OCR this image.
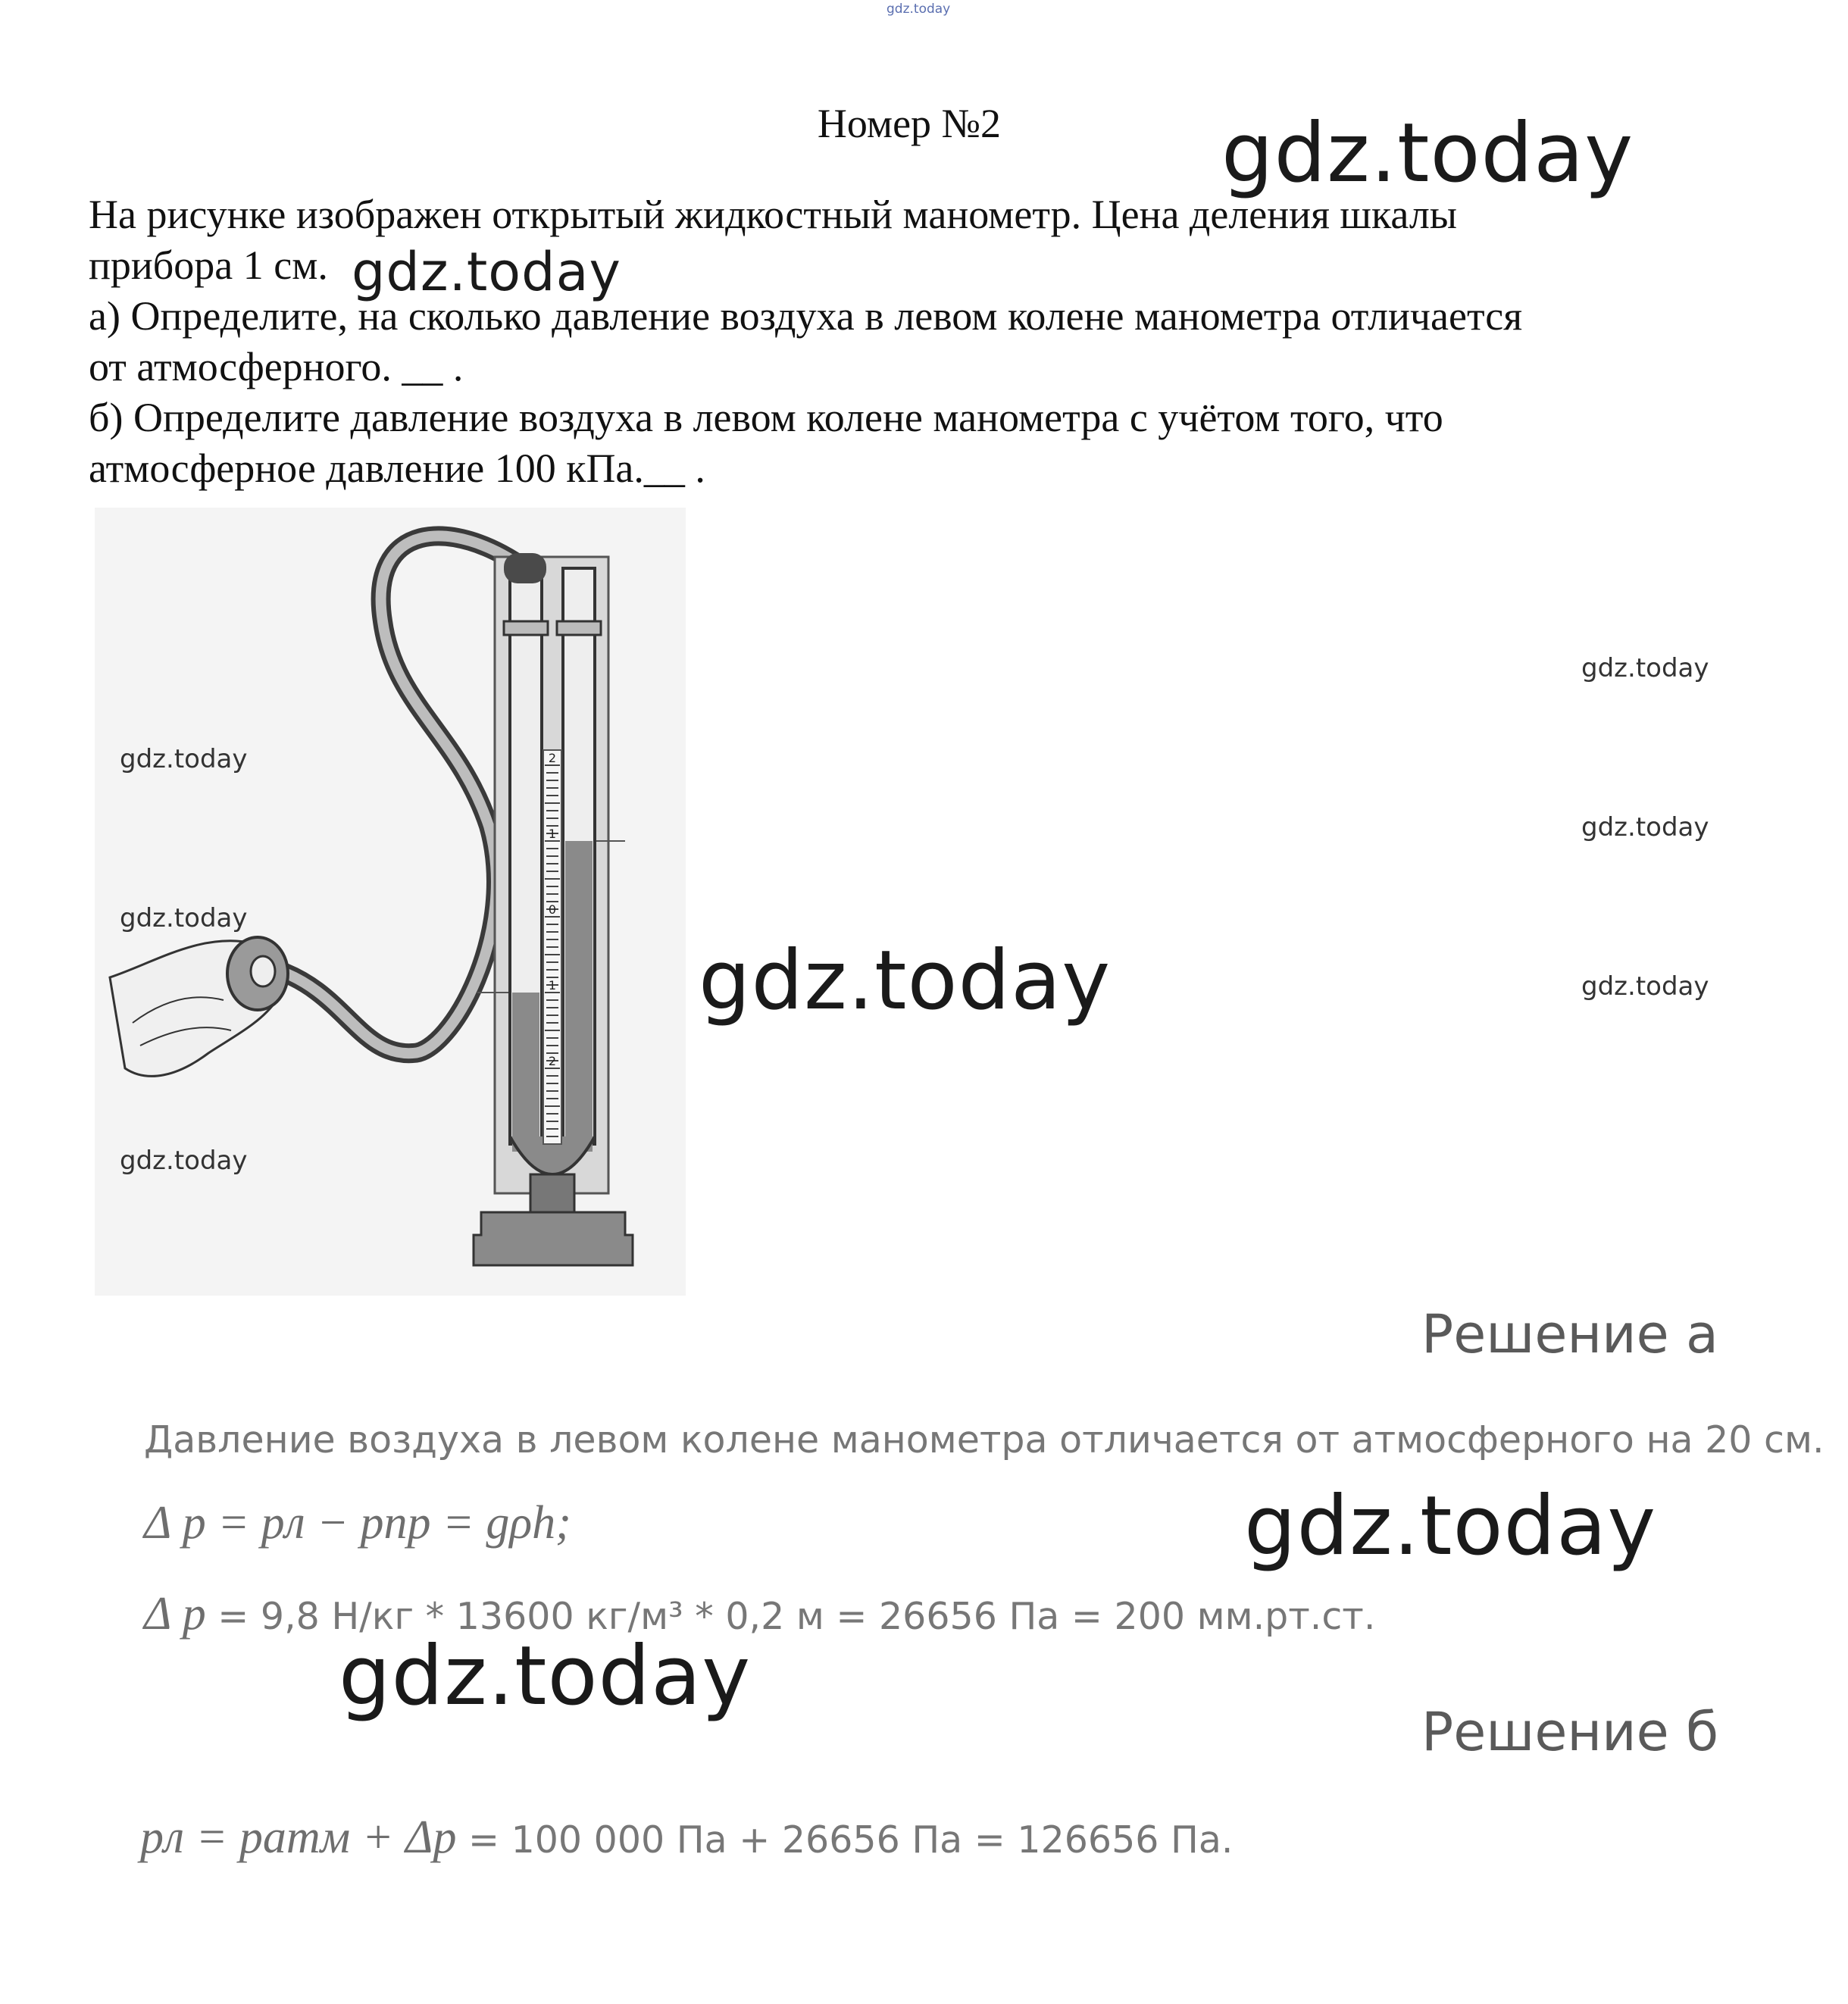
gdz.today
Номер №2

На рисунке изображен открытый жидкостный манометр. Цена деления шкалы

прибора 1 см.

а) Определите, на сколько давление воздуха в левом колене манометра отличается

от атмосферного. __ .

б) Определите давление воздуха в левом колене манометра с учётом того, что

атмосферное давление 100 кПа.__ .

2
1
0
1
2
gdz.today
gdz.today
gdz.today
gdz.today
gdz.today
gdz.today
gdz.today	gdz.today
gdz.today
Решение а
Давление воздуха в левом колене манометра отличается от атмосферного на 20 см.
Δ p = pл − pпр = gρh;	gdz.today
Δ p = 9,8 Н/кг * 13600 кг/м³ * 0,2 м = 26656 Па = 200 мм.рт.ст.
gdz.today
Решение б
pл = pатм + Δp = 100 000 Па + 26656 Па = 126656 Па.
